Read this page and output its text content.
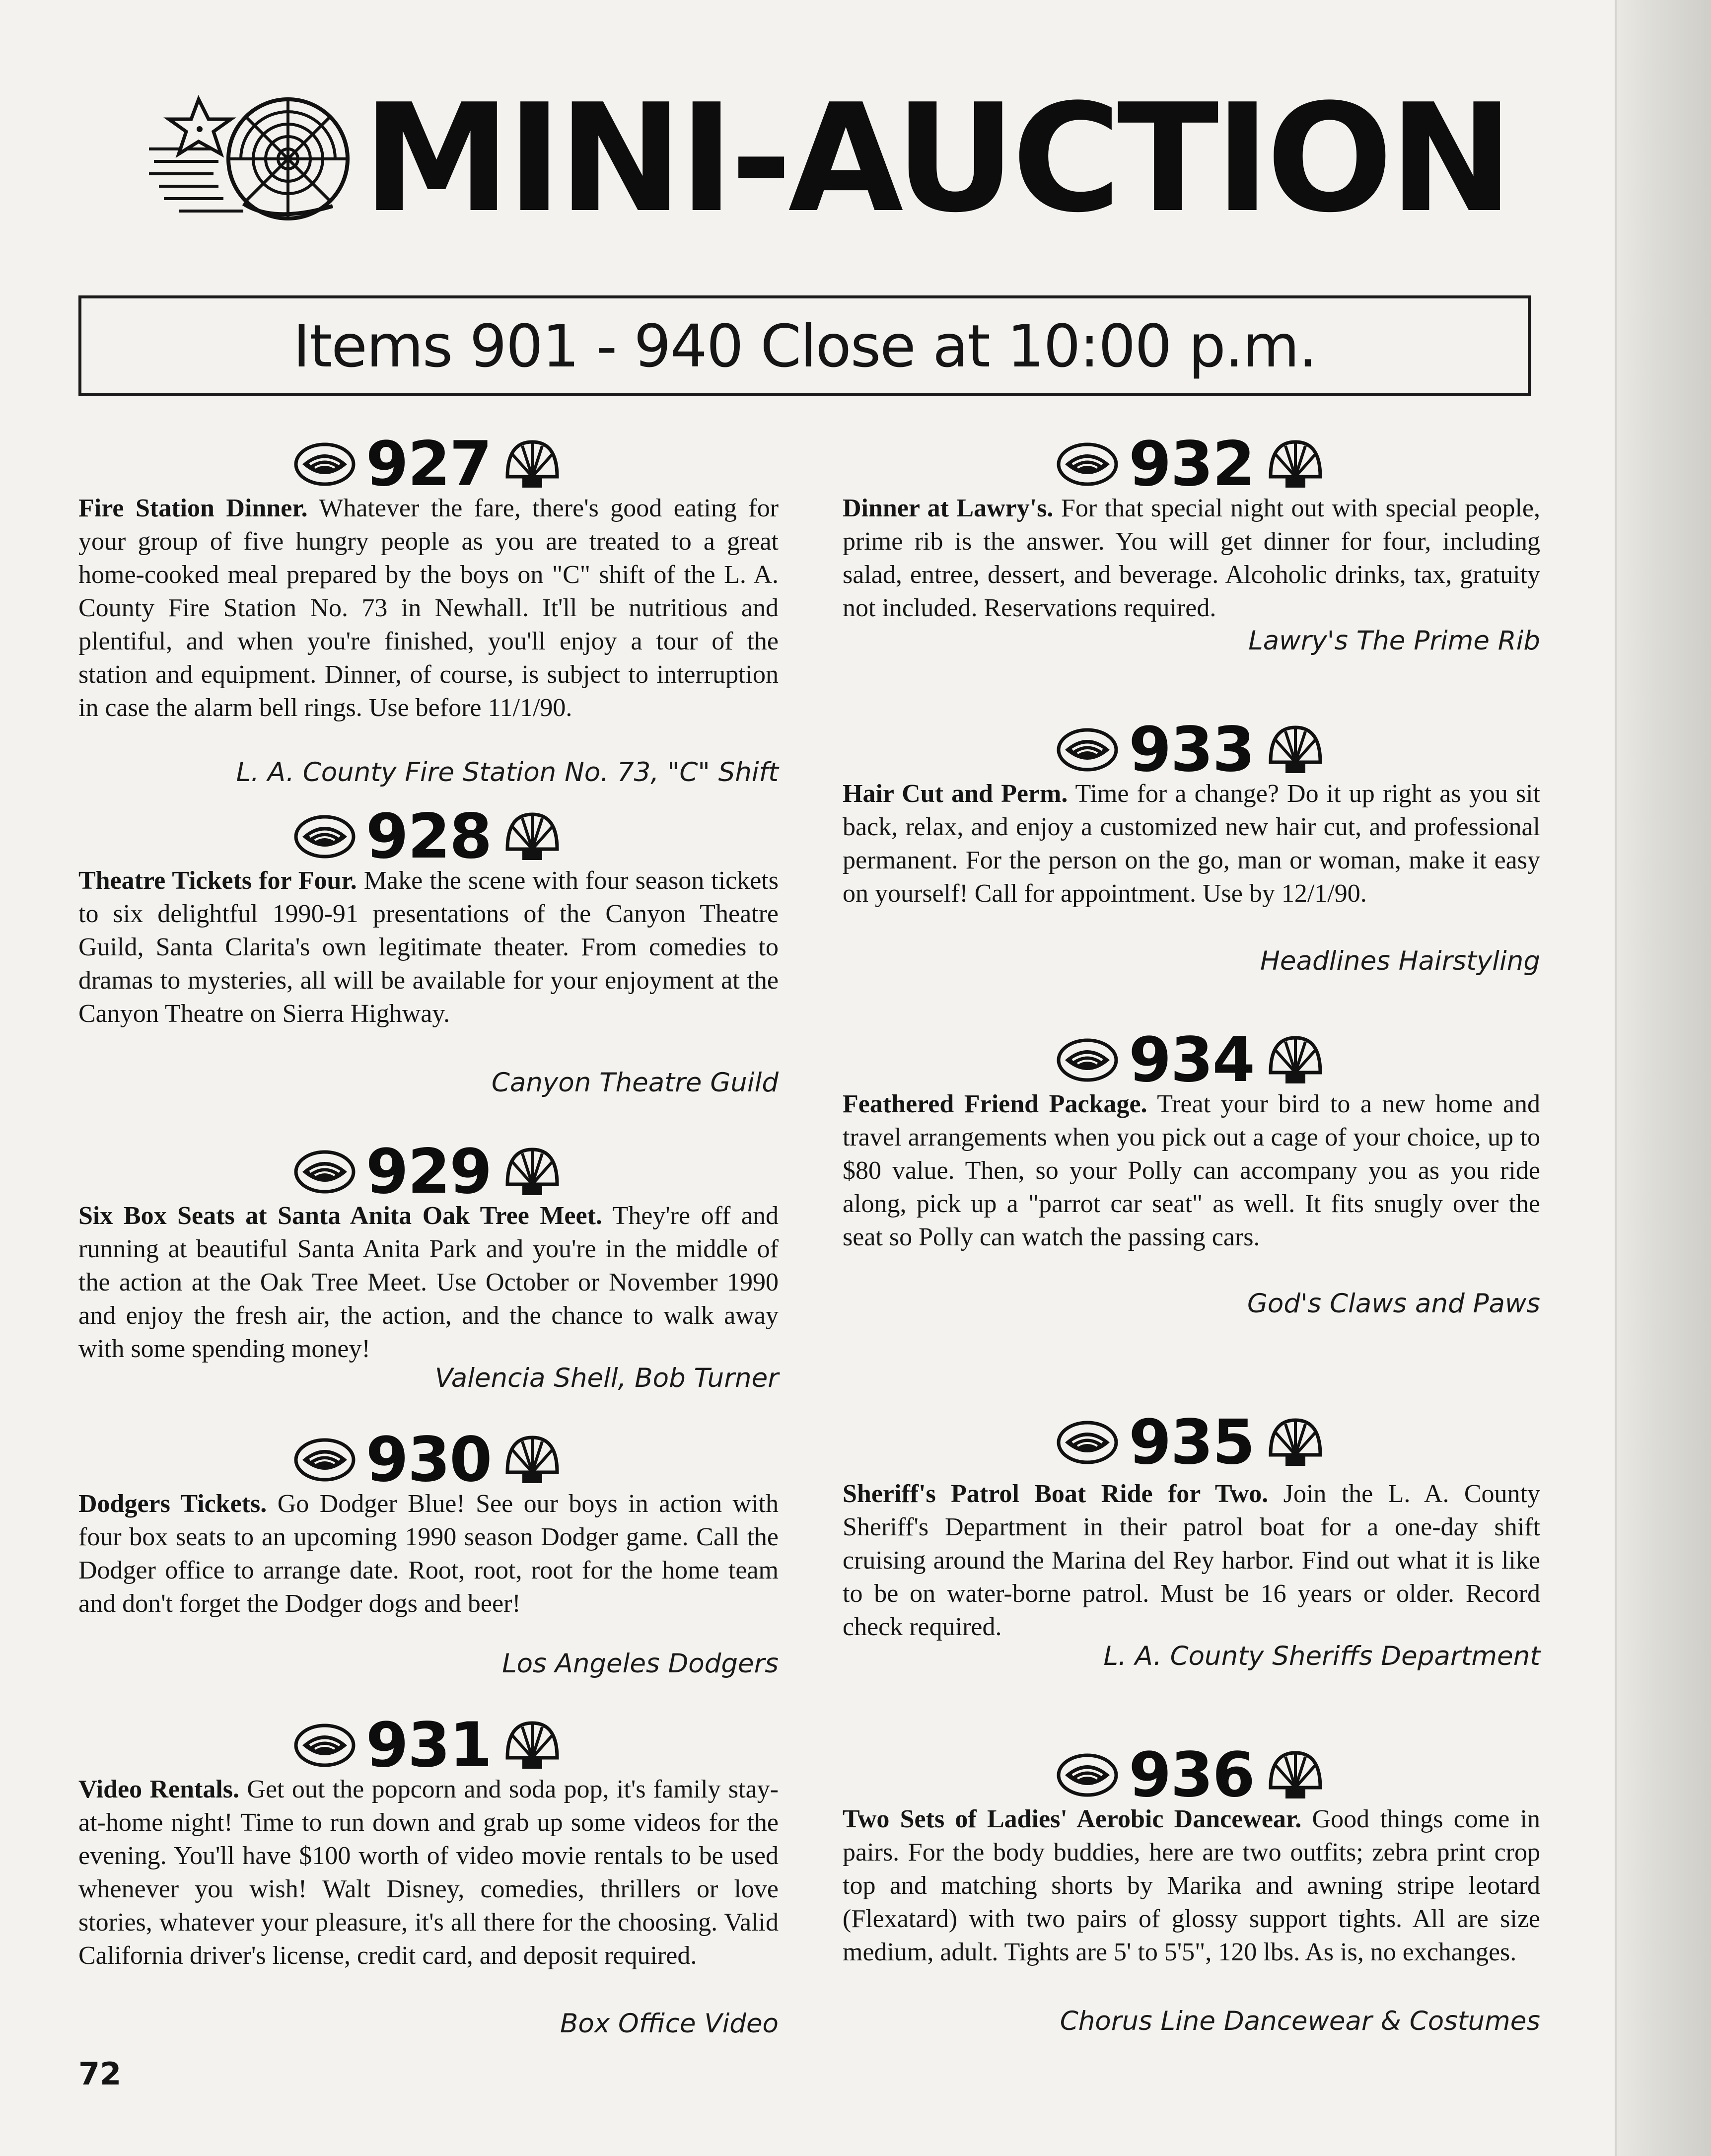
MINI-AUCTION
Items 901 - 940 Close at 10:00 p.m.
927

Fire Station Dinner. Whatever the fare, there's good eating for your group of five hungry people as you are treated to a great home-cooked meal prepared by the boys on "C" shift of the L. A. County Fire Station No. 73 in Newhall. It'll be nutritious and plentiful, and when you're finished, you'll enjoy a tour of the station and equipment. Dinner, of course, is subject to interruption in case the alarm bell rings. Use before 11/1/90.

L. A. County Fire Station No. 73, "C" Shift
928

Theatre Tickets for Four. Make the scene with four season tickets to six delightful 1990-91 presentations of the Canyon Theatre Guild, Santa Clarita's own legitimate theater. From comedies to dramas to mysteries, all will be available for your enjoyment at the Canyon Theatre on Sierra Highway.

Canyon Theatre Guild
929

Six Box Seats at Santa Anita Oak Tree Meet. They're off and running at beautiful Santa Anita Park and you're in the middle of the action at the Oak Tree Meet. Use October or November 1990 and enjoy the fresh air, the action, and the chance to walk away with some spending money!

Valencia Shell, Bob Turner
930

Dodgers Tickets. Go Dodger Blue! See our boys in action with four box seats to an upcoming 1990 season Dodger game. Call the Dodger office to arrange date. Root, root, root for the home team and don't forget the Dodger dogs and beer!

Los Angeles Dodgers
931

Video Rentals. Get out the popcorn and soda pop, it's family stay-at-home night! Time to run down and grab up some videos for the evening. You'll have $100 worth of video movie rentals to be used whenever you wish! Walt Disney, comedies, thrillers or love stories, whatever your pleasure, it's all there for the choosing. Valid California driver's license, credit card, and deposit required.

Box Office Video
932

Dinner at Lawry's. For that special night out with special people, prime rib is the answer. You will get dinner for four, including salad, entree, dessert, and beverage. Alcoholic drinks, tax, gratuity not included. Reservations required.

Lawry's The Prime Rib
933

Hair Cut and Perm. Time for a change? Do it up right as you sit back, relax, and enjoy a customized new hair cut, and professional permanent. For the person on the go, man or woman, make it easy on yourself! Call for appointment. Use by 12/1/90.

Headlines Hairstyling
934

Feathered Friend Package. Treat your bird to a new home and travel arrangements when you pick out a cage of your choice, up to $80 value. Then, so your Polly can accompany you as you ride along, pick up a "parrot car seat" as well. It fits snugly over the seat so Polly can watch the passing cars.

God's Claws and Paws
935

Sheriff's Patrol Boat Ride for Two. Join the L. A. County Sheriff's Department in their patrol boat for a one-day shift cruising around the Marina del Rey harbor. Find out what it is like to be on water-borne patrol. Must be 16 years or older. Record check required.

L. A. County Sheriffs Department
936

Two Sets of Ladies' Aerobic Dancewear. Good things come in pairs. For the body buddies, here are two outfits; zebra print crop top and matching shorts by Marika and awning stripe leotard (Flexatard) with two pairs of glossy support tights. All are size medium, adult. Tights are 5' to 5'5", 120 lbs. As is, no exchanges.

Chorus Line Dancewear & Costumes
72
